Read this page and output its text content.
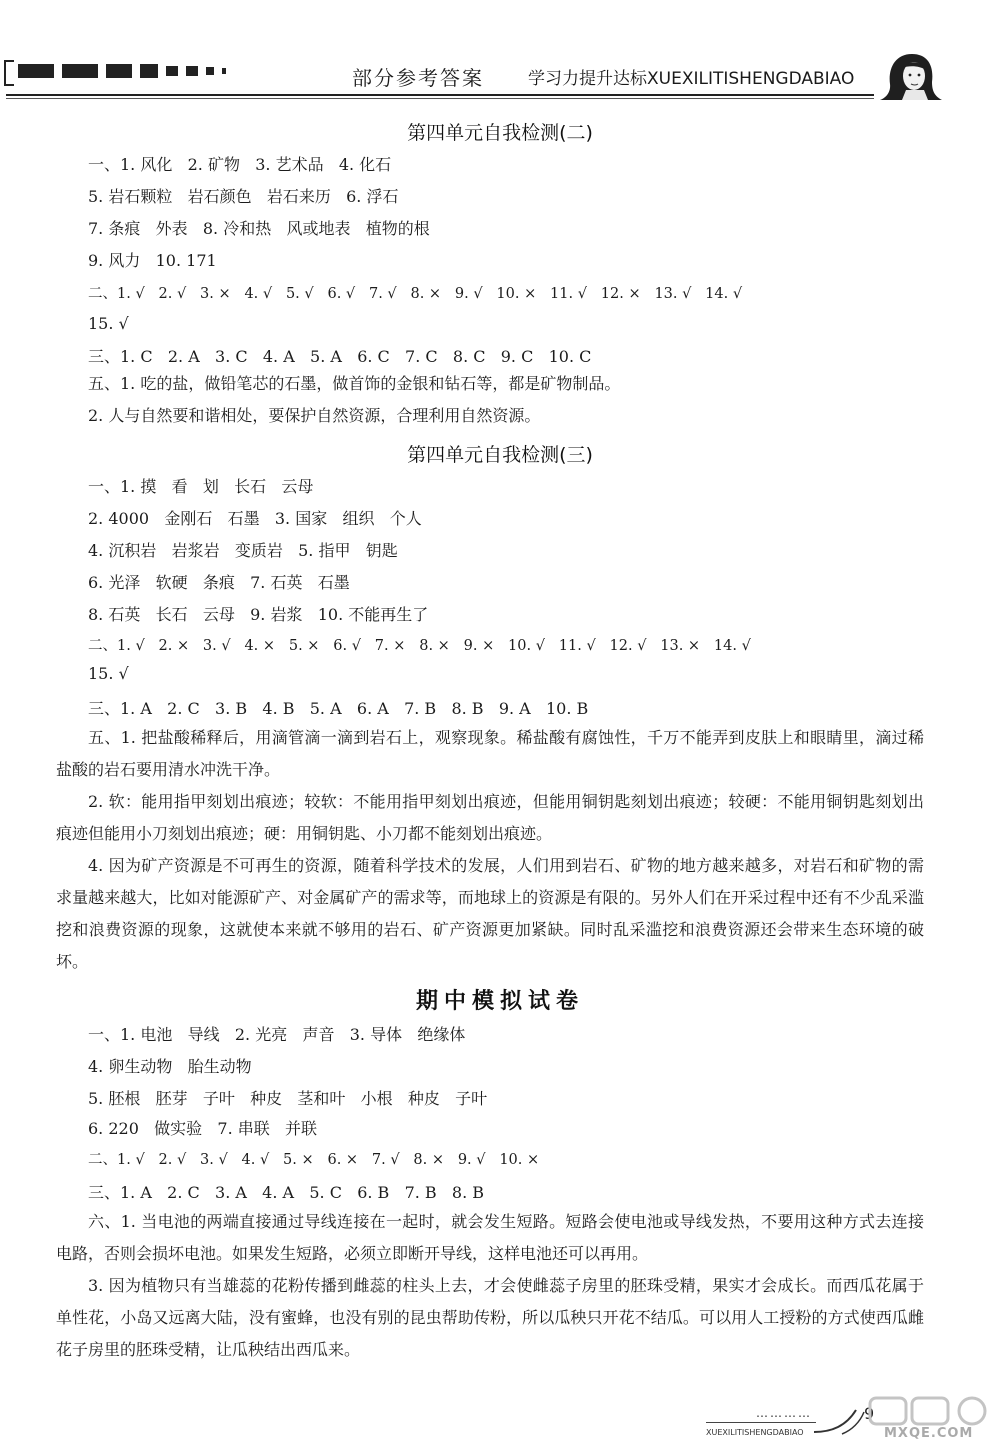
部分参考答案	学习力提升达标XUEXILITISHENGDABIAO
第四单元自我检测(二)
一、1. 风化   2. 矿物   3. 艺术品   4. 化石
5. 岩石颗粒   岩石颜色   岩石来历   6. 浮石
7. 条痕   外表   8. 冷和热   风或地表   植物的根
9. 风力   10. 171
二、1. √   2. √   3. ×   4. √   5. √   6. √   7. √   8. ×   9. √   10. ×   11. √   12. ×   13. √   14. √
15. √
三、1. C   2. A   3. C   4. A   5. A   6. C   7. C   8. C   9. C   10. C
五、1. 吃的盐，做铅笔芯的石墨，做首饰的金银和钻石等，都是矿物制品。
2. 人与自然要和谐相处，要保护自然资源，合理利用自然资源。
第四单元自我检测(三)
一、1. 摸   看   划   长石   云母
2. 4000   金刚石   石墨   3. 国家   组织   个人
4. 沉积岩   岩浆岩   变质岩   5. 指甲   钥匙
6. 光泽   软硬   条痕   7. 石英   石墨
8. 石英   长石   云母   9. 岩浆   10. 不能再生了
二、1. √   2. ×   3. √   4. ×   5. ×   6. √   7. ×   8. ×   9. ×   10. √   11. √   12. √   13. ×   14. √
15. √
三、1. A   2. C   3. B   4. B   5. A   6. A   7. B   8. B   9. A   10. B
五、1. 把盐酸稀释后，用滴管滴一滴到岩石上，观察现象。稀盐酸有腐蚀性，千万不能弄到皮肤上和眼睛里，滴过稀盐酸的岩石要用清水冲洗干净。
2. 软：能用指甲刻划出痕迹；较软：不能用指甲刻划出痕迹，但能用铜钥匙刻划出痕迹；较硬：不能用铜钥匙刻划出痕迹但能用小刀刻划出痕迹；硬：用铜钥匙、小刀都不能刻划出痕迹。
4. 因为矿产资源是不可再生的资源，随着科学技术的发展，人们用到岩石、矿物的地方越来越多，对岩石和矿物的需求量越来越大，比如对能源矿产、对金属矿产的需求等，而地球上的资源是有限的。另外人们在开采过程中还有不少乱采滥挖和浪费资源的现象，这就使本来就不够用的岩石、矿产资源更加紧缺。同时乱采滥挖和浪费资源还会带来生态环境的破坏。
期中模拟试卷
一、1. 电池   导线   2. 光亮   声音   3. 导体   绝缘体
4. 卵生动物   胎生动物
5. 胚根   胚芽   子叶   种皮   茎和叶   小根   种皮   子叶
6. 220   做实验   7. 串联   并联
二、1. √   2. √   3. √   4. √   5. ×   6. ×   7. √   8. ×   9. √   10. ×
三、1. A   2. C   3. A   4. A   5. C   6. B   7. B   8. B
六、1. 当电池的两端直接通过导线连接在一起时，就会发生短路。短路会使电池或导线发热，不要用这种方式去连接电路，否则会损坏电池。如果发生短路，必须立即断开导线，这样电池还可以再用。
3. 因为植物只有当雄蕊的花粉传播到雌蕊的柱头上去，才会使雌蕊子房里的胚珠受精，果实才会成长。而西瓜花属于单性花，小岛又远离大陆，没有蜜蜂，也没有别的昆虫帮助传粉，所以瓜秧只开花不结瓜。可以用人工授粉的方式使西瓜雌花子房里的胚珠受精，让瓜秧结出西瓜来。
…………
XUEXILITISHENGDABIAO
9
MXQE.COM
